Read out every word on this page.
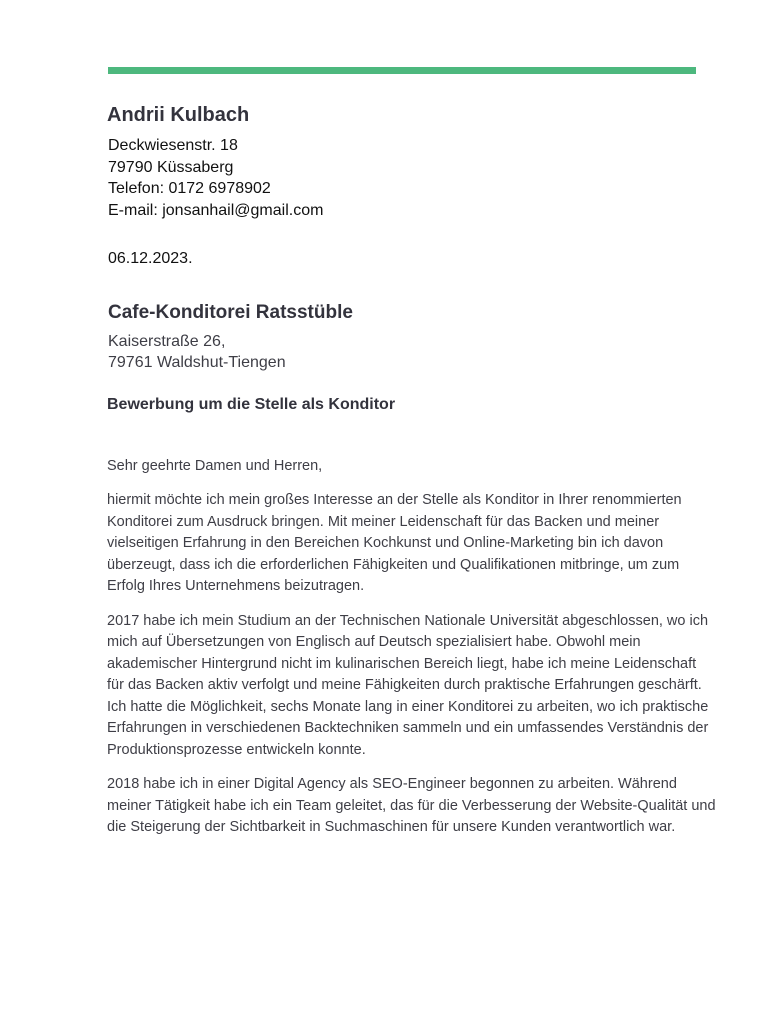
Andrii Kulbach
Deckwiesenstr. 18
79790 Küssaberg
Telefon: 0172 6978902
E-mail: jonsanhail@gmail.com
06.12.2023.
Cafe-Konditorei Ratsstüble
Kaiserstraße 26,
79761 Waldshut-Tiengen
Bewerbung um die Stelle als Konditor
Sehr geehrte Damen und Herren,

hiermit möchte ich mein großes Interesse an der Stelle als Konditor in Ihrer renommierten Konditorei zum Ausdruck bringen. Mit meiner Leidenschaft für das Backen und meiner vielseitigen Erfahrung in den Bereichen Kochkunst und Online-Marketing bin ich davon überzeugt, dass ich die erforderlichen Fähigkeiten und Qualifikationen mitbringe, um zum Erfolg Ihres Unternehmens beizutragen.

2017 habe ich mein Studium an der Technischen Nationale Universität abgeschlossen, wo ich mich auf Übersetzungen von Englisch auf Deutsch spezialisiert habe. Obwohl mein akademischer Hintergrund nicht im kulinarischen Bereich liegt, habe ich meine Leidenschaft für das Backen aktiv verfolgt und meine Fähigkeiten durch praktische Erfahrungen geschärft. Ich hatte die Möglichkeit, sechs Monate lang in einer Konditorei zu arbeiten, wo ich praktische Erfahrungen in verschiedenen Backtechniken sammeln und ein umfassendes Verständnis der Produktionsprozesse entwickeln konnte.

2018 habe ich in einer Digital Agency als SEO-Engineer begonnen zu arbeiten. Während meiner Tätigkeit habe ich ein Team geleitet, das für die Verbesserung der Website-Qualität und die Steigerung der Sichtbarkeit in Suchmaschinen für unsere Kunden verantwortlich war.
